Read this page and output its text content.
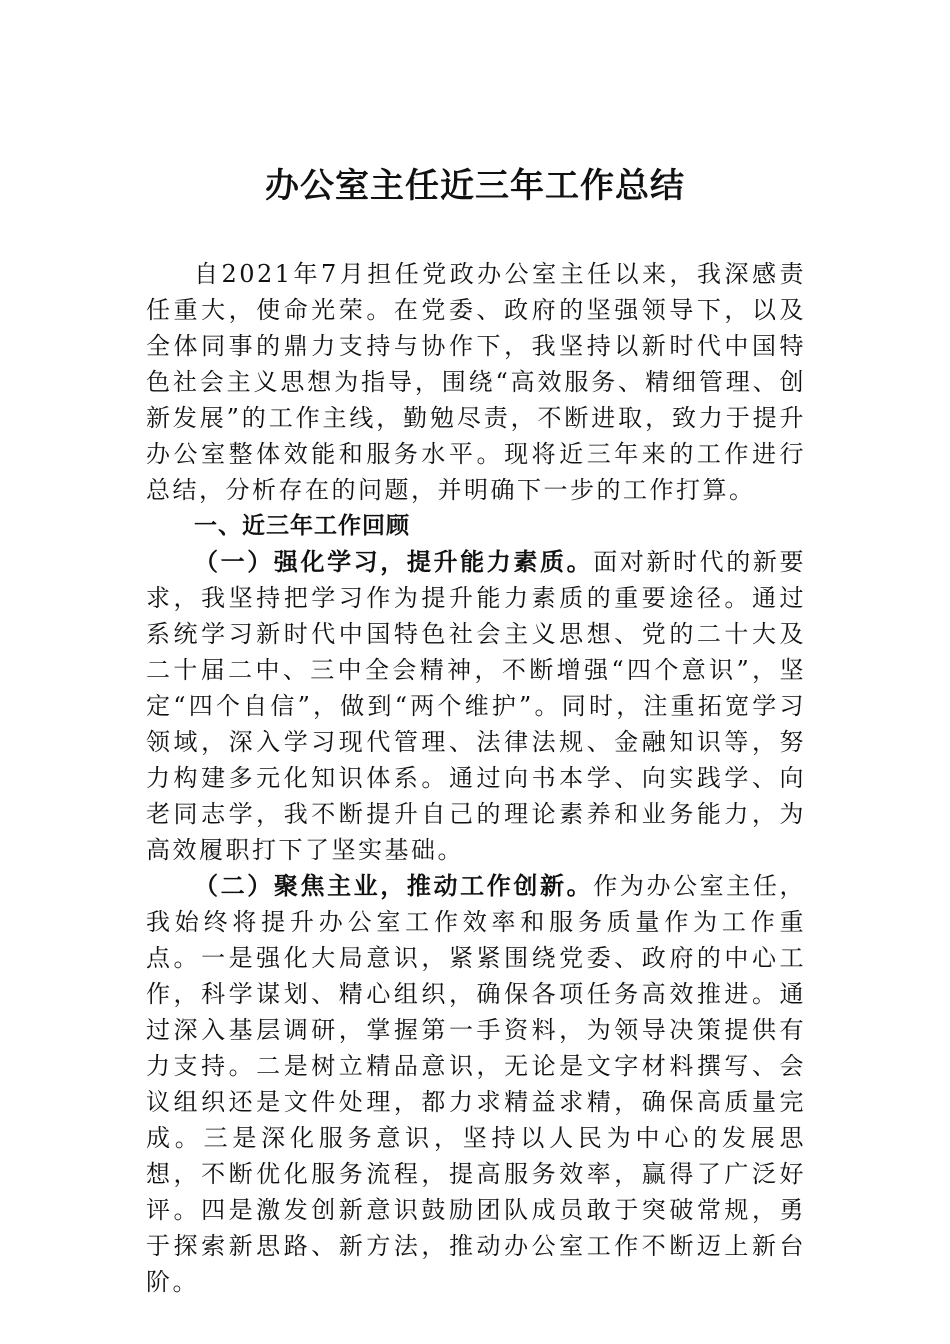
办公室主任近三年工作总结

自2021年7月担任党政办公室主任以来，我深感责任重大，使命光荣。在党委、政府的坚强领导下，以及全体同事的鼎力支持与协作下，我坚持以新时代中国特色社会主义思想为指导，围绕“高效服务、精细管理、创新发展”的工作主线，勤勉尽责，不断进取，致力于提升办公室整体效能和服务水平。现将近三年来的工作进行总结，分析存在的问题，并明确下一步的工作打算。

一、近三年工作回顾

（一）强化学习，提升能力素质。面对新时代的新要求，我坚持把学习作为提升能力素质的重要途径。通过系统学习新时代中国特色社会主义思想、党的二十大及二十届二中、三中全会精神，不断增强“四个意识”，坚定“四个自信”，做到“两个维护”。同时，注重拓宽学习领域，深入学习现代管理、法律法规、金融知识等，努力构建多元化知识体系。通过向书本学、向实践学、向老同志学，我不断提升自己的理论素养和业务能力，为高效履职打下了坚实基础。

（二）聚焦主业，推动工作创新。作为办公室主任，我始终将提升办公室工作效率和服务质量作为工作重点。一是强化大局意识，紧紧围绕党委、政府的中心工作，科学谋划、精心组织，确保各项任务高效推进。通过深入基层调研，掌握第一手资料，为领导决策提供有力支持。二是树立精品意识，无论是文字材料撰写、会议组织还是文件处理，都力求精益求精，确保高质量完成。三是深化服务意识，坚持以人民为中心的发展思想，不断优化服务流程，提高服务效率，赢得了广泛好评。四是激发创新意识鼓励团队成员敢于突破常规，勇于探索新思路、新方法，推动办公室工作不断迈上新台阶。
